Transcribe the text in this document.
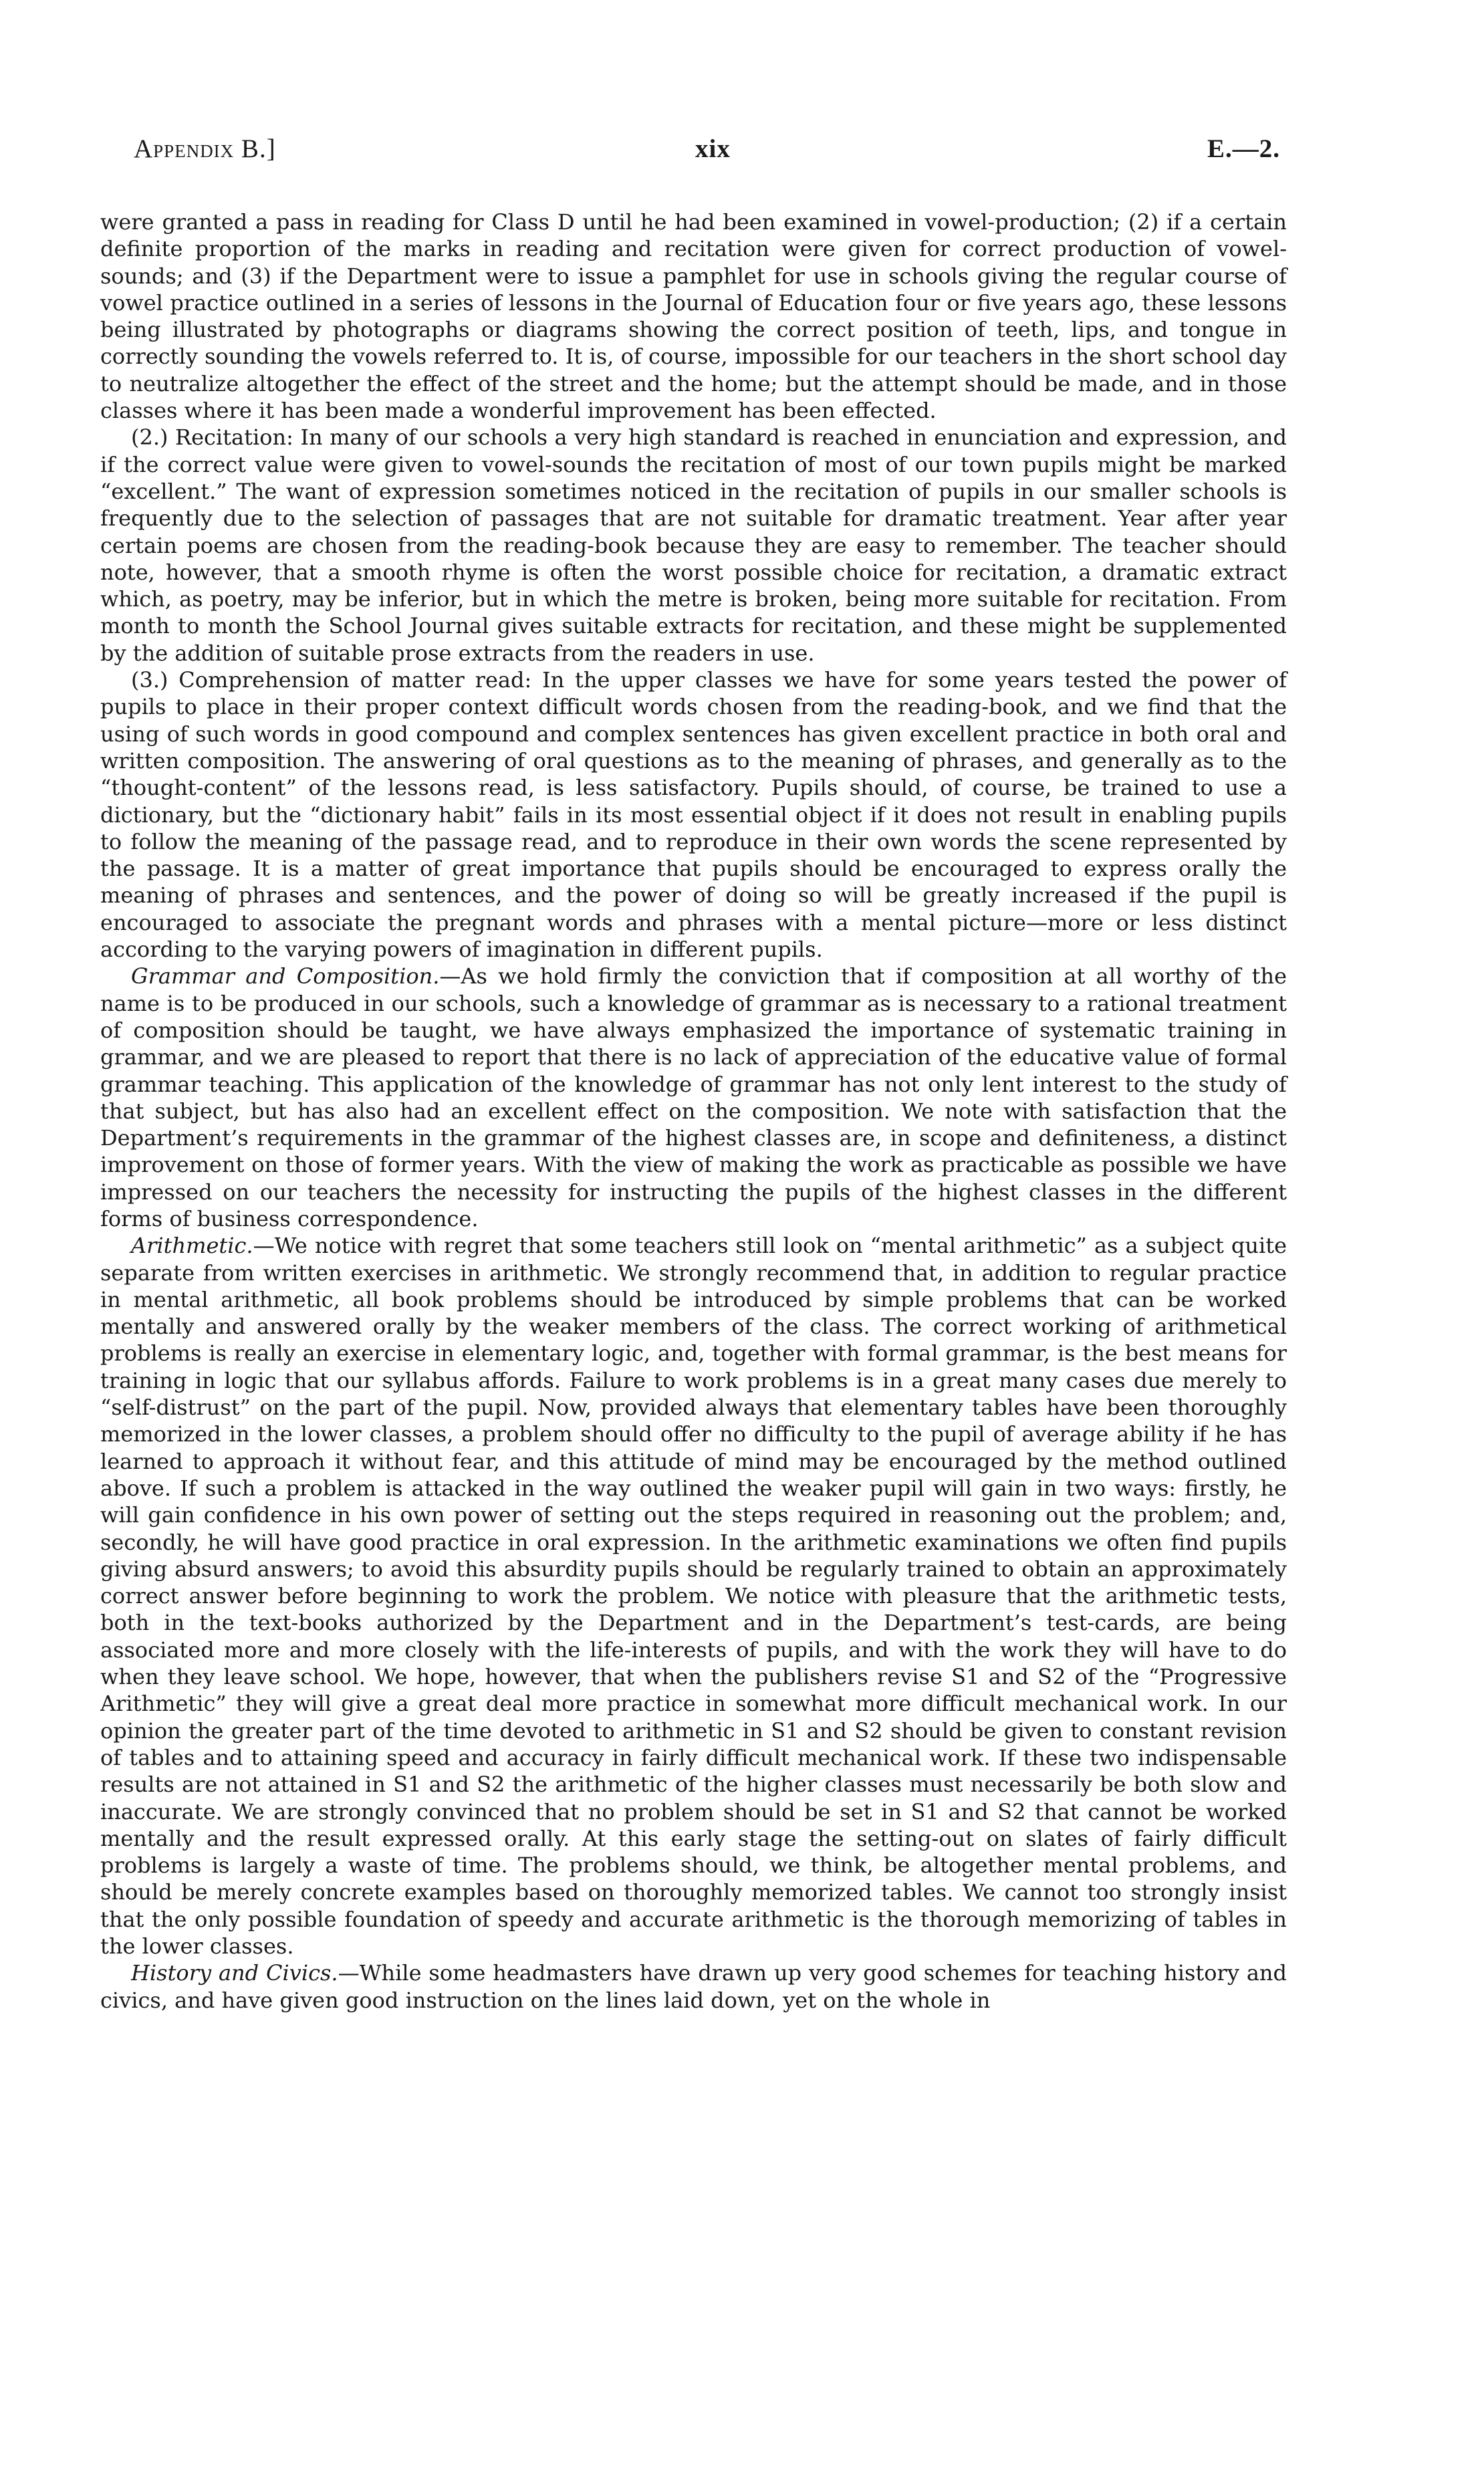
Appendix B.]	xix	E.—2.

were granted a pass in reading for Class D until he had been examined in vowel-production; (2) if a certain definite proportion of the marks in reading and recitation were given for correct production of vowel-sounds; and (3) if the Department were to issue a pamphlet for use in schools giving the regular course of vowel practice outlined in a series of lessons in the Journal of Education four or five years ago, these lessons being illustrated by photographs or diagrams showing the correct position of teeth, lips, and tongue in correctly sounding the vowels referred to. It is, of course, impossible for our teachers in the short school day to neutralize altogether the effect of the street and the home; but the attempt should be made, and in those classes where it has been made a wonderful improvement has been effected.

(2.) Recitation: In many of our schools a very high standard is reached in enunciation and expression, and if the correct value were given to vowel-sounds the recitation of most of our town pupils might be marked “excellent.” The want of expression sometimes noticed in the recitation of pupils in our smaller schools is frequently due to the selection of passages that are not suitable for dramatic treatment. Year after year certain poems are chosen from the reading-book because they are easy to remember. The teacher should note, however, that a smooth rhyme is often the worst possible choice for recitation, a dramatic extract which, as poetry, may be inferior, but in which the metre is broken, being more suitable for recitation. From month to month the School Journal gives suitable extracts for recitation, and these might be supplemented by the addition of suitable prose extracts from the readers in use.

(3.) Comprehension of matter read: In the upper classes we have for some years tested the power of pupils to place in their proper context difficult words chosen from the reading-book, and we find that the using of such words in good compound and complex sentences has given excellent practice in both oral and written composition. The answering of oral questions as to the meaning of phrases, and generally as to the “thought-content” of the lessons read, is less satisfactory. Pupils should, of course, be trained to use a dictionary, but the “dictionary habit” fails in its most essential object if it does not result in enabling pupils to follow the meaning of the passage read, and to reproduce in their own words the scene represented by the passage. It is a matter of great importance that pupils should be encouraged to express orally the meaning of phrases and sentences, and the power of doing so will be greatly increased if the pupil is encouraged to associate the pregnant words and phrases with a mental picture—more or less distinct according to the varying powers of imagination in different pupils.

Grammar and Composition.—As we hold firmly the conviction that if composition at all worthy of the name is to be produced in our schools, such a knowledge of grammar as is necessary to a rational treatment of composition should be taught, we have always emphasized the importance of systematic training in grammar, and we are pleased to report that there is no lack of appreciation of the educative value of formal grammar teaching. This application of the knowledge of grammar has not only lent interest to the study of that subject, but has also had an excellent effect on the composition. We note with satisfaction that the Department’s requirements in the grammar of the highest classes are, in scope and definiteness, a distinct improvement on those of former years. With the view of making the work as practicable as possible we have impressed on our teachers the necessity for instructing the pupils of the highest classes in the different forms of business correspondence.

Arithmetic.—We notice with regret that some teachers still look on “mental arithmetic” as a subject quite separate from written exercises in arithmetic. We strongly recommend that, in addition to regular practice in mental arithmetic, all book problems should be introduced by simple problems that can be worked mentally and answered orally by the weaker members of the class. The correct working of arithmetical problems is really an exercise in elementary logic, and, together with formal grammar, is the best means for training in logic that our syllabus affords. Failure to work problems is in a great many cases due merely to “self-distrust” on the part of the pupil. Now, provided always that elementary tables have been thoroughly memorized in the lower classes, a problem should offer no difficulty to the pupil of average ability if he has learned to approach it without fear, and this attitude of mind may be encouraged by the method outlined above. If such a problem is attacked in the way outlined the weaker pupil will gain in two ways: firstly, he will gain confidence in his own power of setting out the steps required in reasoning out the problem; and, secondly, he will have good practice in oral expression. In the arithmetic examinations we often find pupils giving absurd answers; to avoid this absurdity pupils should be regularly trained to obtain an approximately correct answer before beginning to work the problem. We notice with pleasure that the arithmetic tests, both in the text-books authorized by the Department and in the Department’s test-cards, are being associated more and more closely with the life-interests of pupils, and with the work they will have to do when they leave school. We hope, however, that when the publishers revise S1 and S2 of the “Progressive Arithmetic” they will give a great deal more practice in somewhat more difficult mechanical work. In our opinion the greater part of the time devoted to arithmetic in S1 and S2 should be given to constant revision of tables and to attaining speed and accuracy in fairly difficult mechanical work. If these two indispensable results are not attained in S1 and S2 the arithmetic of the higher classes must necessarily be both slow and inaccurate. We are strongly convinced that no problem should be set in S1 and S2 that cannot be worked mentally and the result expressed orally. At this early stage the setting-out on slates of fairly difficult problems is largely a waste of time. The problems should, we think, be altogether mental problems, and should be merely concrete examples based on thoroughly memorized tables. We cannot too strongly insist that the only possible foundation of speedy and accurate arithmetic is the thorough memorizing of tables in the lower classes.

History and Civics.—While some headmasters have drawn up very good schemes for teaching history and civics, and have given good instruction on the lines laid down, yet on the whole in
